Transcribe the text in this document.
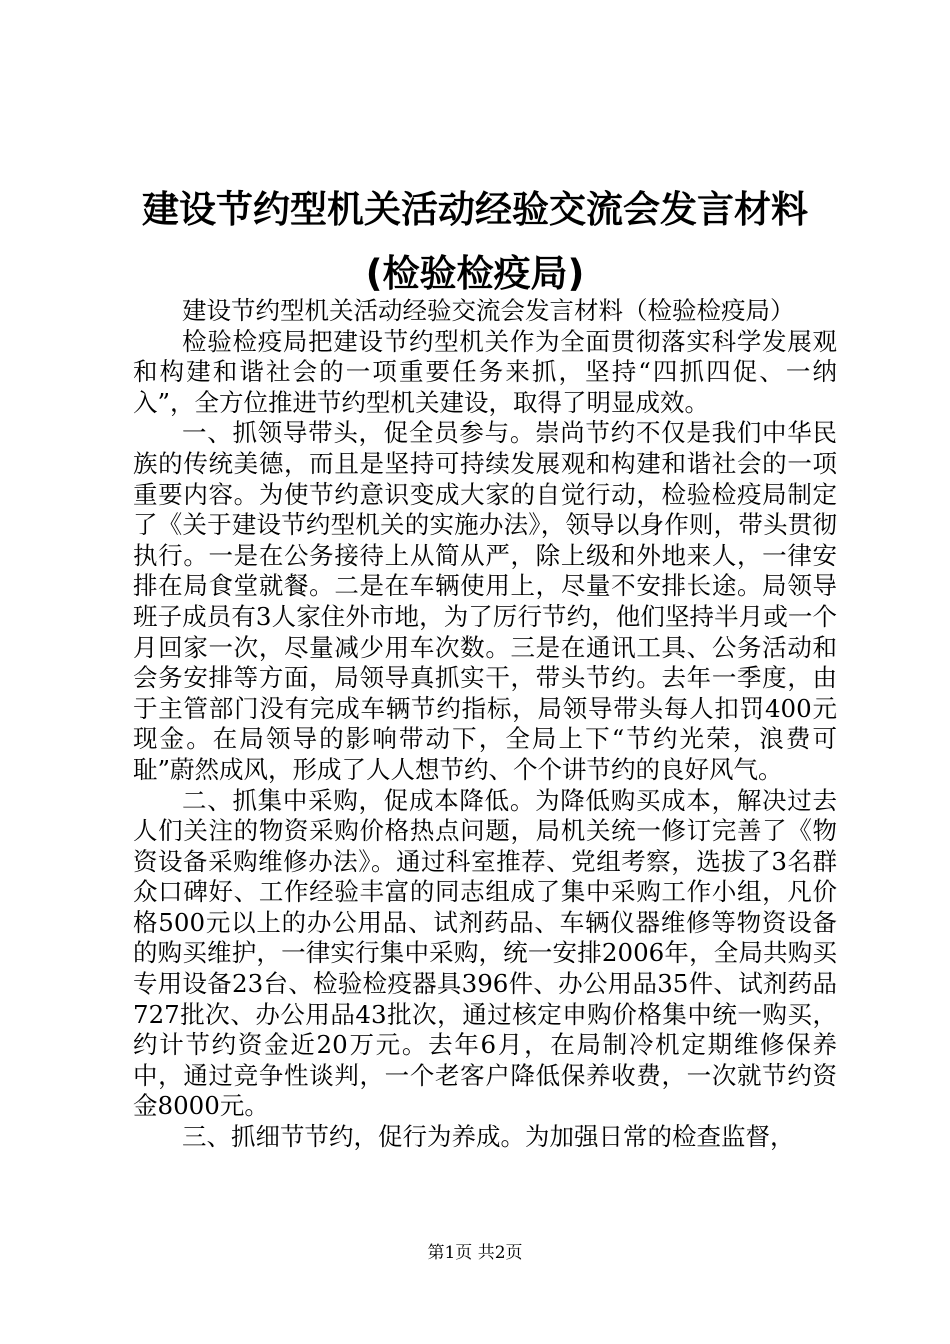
建设节约型机关活动经验交流会发言材料(检验检疫局)

建设节约型机关活动经验交流会发言材料（检验检疫局）

检验检疫局把建设节约型机关作为全面贯彻落实科学发展观和构建和谐社会的一项重要任务来抓，坚持“四抓四促、一纳入”，全方位推进节约型机关建设，取得了明显成效。

一、抓领导带头，促全员参与。崇尚节约不仅是我们中华民族的传统美德，而且是坚持可持续发展观和构建和谐社会的一项重要内容。为使节约意识变成大家的自觉行动，检验检疫局制定了《关于建设节约型机关的实施办法》，领导以身作则，带头贯彻执行。一是在公务接待上从简从严，除上级和外地来人，一律安排在局食堂就餐。二是在车辆使用上，尽量不安排长途。局领导班子成员有3人家住外市地，为了厉行节约，他们坚持半月或一个月回家一次，尽量减少用车次数。三是在通讯工具、公务活动和会务安排等方面，局领导真抓实干，带头节约。去年一季度，由于主管部门没有完成车辆节约指标，局领导带头每人扣罚400元现金。在局领导的影响带动下，全局上下“节约光荣，浪费可耻”蔚然成风，形成了人人想节约、个个讲节约的良好风气。

二、抓集中采购，促成本降低。为降低购买成本，解决过去人们关注的物资采购价格热点问题，局机关统一修订完善了《物资设备采购维修办法》。通过科室推荐、党组考察，选拔了3名群众口碑好、工作经验丰富的同志组成了集中采购工作小组，凡价格500元以上的办公用品、试剂药品、车辆仪器维修等物资设备的购买维护，一律实行集中采购，统一安排2006年，全局共购买专用设备23台、检验检疫器具396件、办公用品35件、试剂药品727批次、办公用品43批次，通过核定申购价格集中统一购买，约计节约资金近20万元。去年6月，在局制冷机定期维修保养中，通过竞争性谈判，一个老客户降低保养收费，一次就节约资金8000元。

三、抓细节节约，促行为养成。为加强日常的检查监督，

第1页 共2页
